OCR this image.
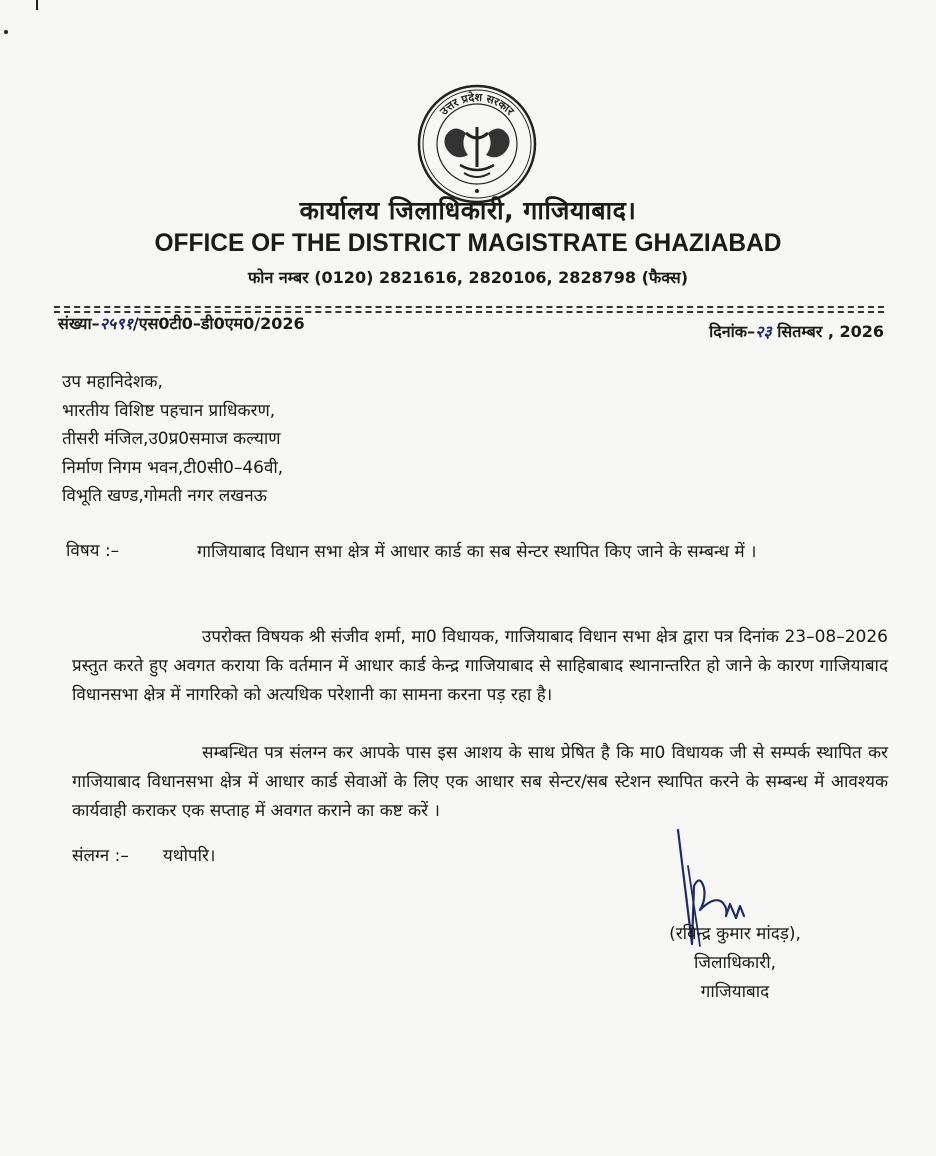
उत्तर प्रदेश सरकार
कार्यालय जिलाधिकारी, गाजियाबाद।
OFFICE OF THE DISTRICT MAGISTRATE GHAZIABAD
फोन नम्बर (0120) 2821616, 2820106, 2828798 (फैक्स)
संख्या–२५९१/एस0टी0–डी0एम0/2026	दिनांक–२३ सितम्बर , 2026
उप महानिदेशक,
भारतीय विशिष्ट पहचान प्राधिकरण,
तीसरी मंजिल,उ0प्र0समाज कल्याण
निर्माण निगम भवन,टी0सी0–46वी,
विभूति खण्ड,गोमती नगर लखनऊ
विषय :–	गाजियाबाद विधान सभा क्षेत्र में आधार कार्ड का सब सेन्टर स्थापित किए जाने के सम्बन्ध में ।
उपरोक्त विषयक श्री संजीव शर्मा, मा0 विधायक, गाजियाबाद विधान सभा क्षेत्र द्वारा पत्र दिनांक 23–08–2026 प्रस्तुत करते हुए अवगत कराया कि वर्तमान में आधार कार्ड केन्द्र गाजियाबाद से साहिबाबाद स्थानान्तरित हो जाने के कारण गाजियाबाद विधानसभा क्षेत्र में नागरिको को अत्यधिक परेशानी का सामना करना पड़ रहा है।
सम्बन्धित पत्र संलग्न कर आपके पास इस आशय के साथ प्रेषित है कि मा0 विधायक जी से सम्पर्क स्थापित कर गाजियाबाद विधानसभा क्षेत्र में आधार कार्ड सेवाओं के लिए एक आधार सब सेन्टर/सब स्टेशन स्थापित करने के सम्बन्ध में आवश्यक कार्यवाही कराकर एक सप्ताह में अवगत कराने का कष्ट करें ।
संलग्न :– यथोपरि।
(रविन्द्र कुमार मांदड़),
जिलाधिकारी,
गाजियाबाद
